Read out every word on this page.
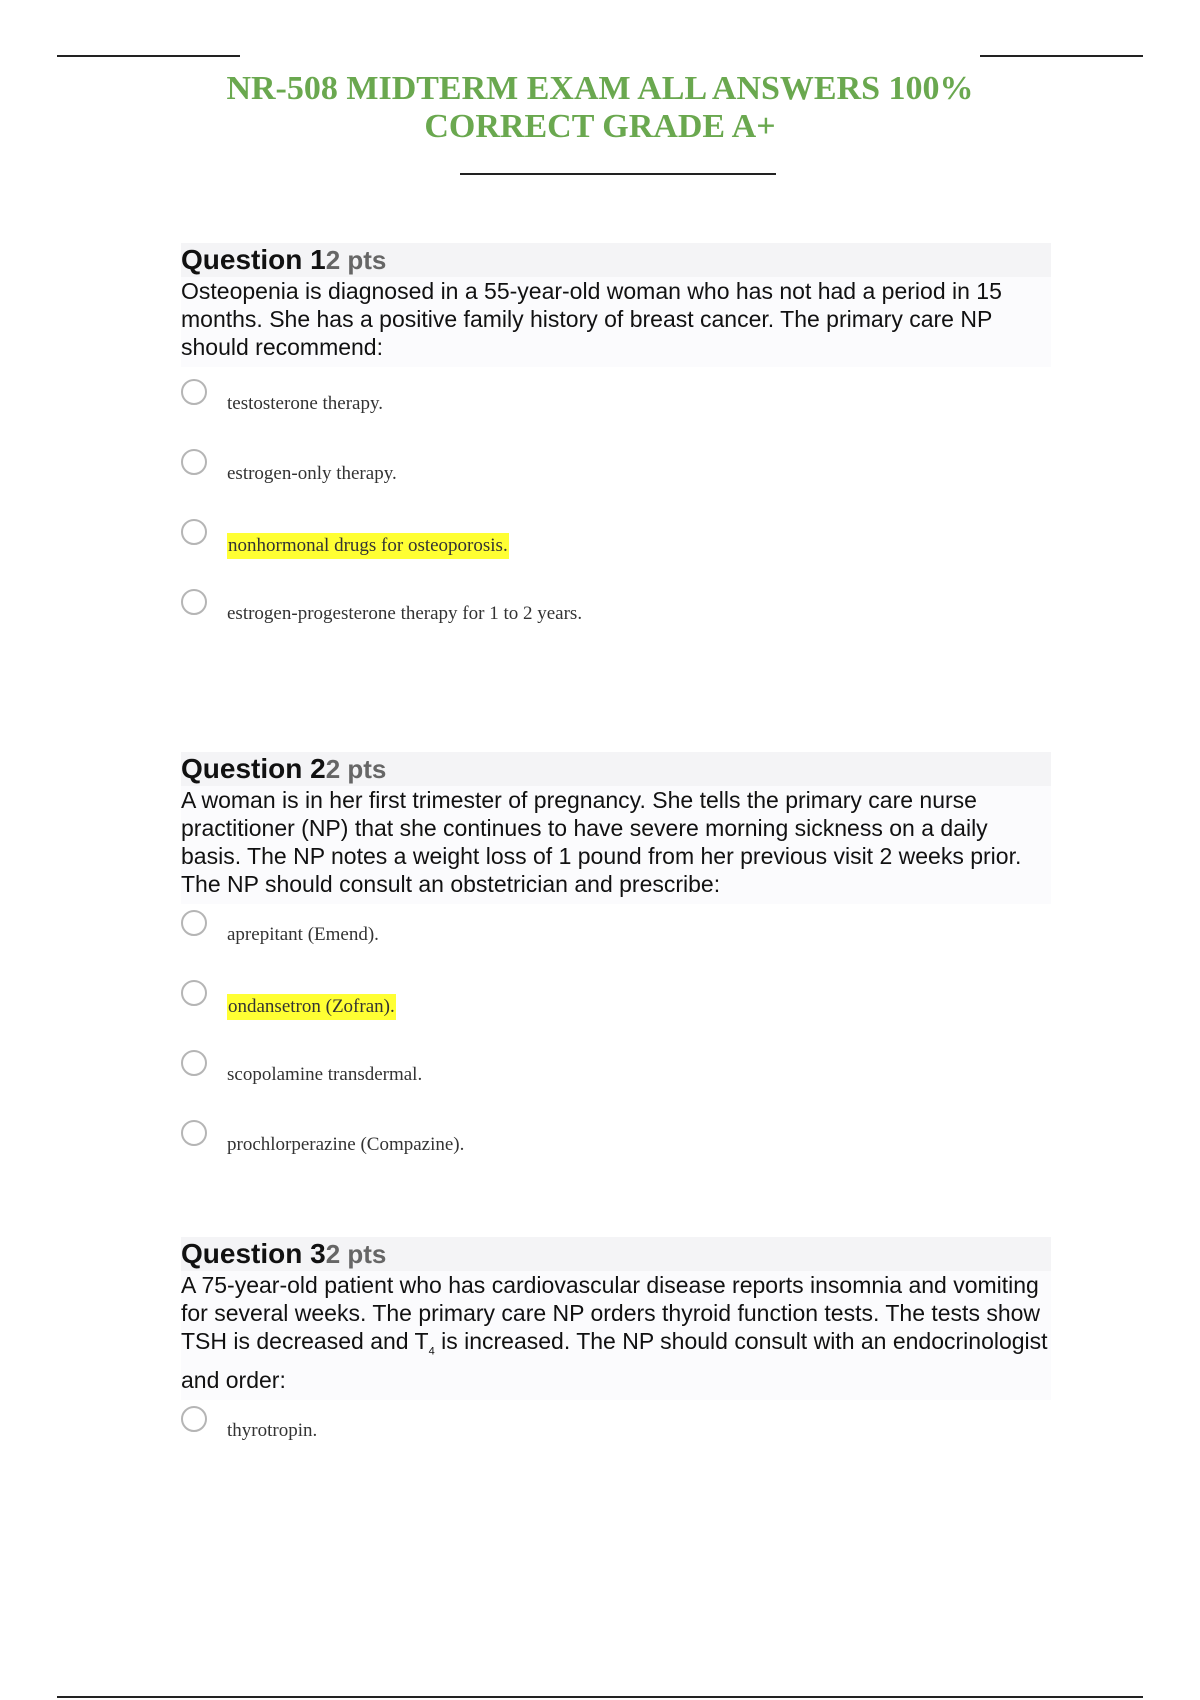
NR-508 MIDTERM EXAM ALL ANSWERS 100%
CORRECT GRADE A+
Question 12 pts
Osteopenia is diagnosed in a 55-year-old woman who has not had a period in 15 months. She has a positive family history of breast cancer. The primary care NP should recommend:
testosterone therapy.
estrogen-only therapy.
nonhormonal drugs for osteoporosis.
estrogen-progesterone therapy for 1 to 2 years.
Question 22 pts
A woman is in her first trimester of pregnancy. She tells the primary care nurse practitioner (NP) that she continues to have severe morning sickness on a daily basis. The NP notes a weight loss of 1 pound from her previous visit 2 weeks prior. The NP should consult an obstetrician and prescribe:
aprepitant (Emend).
ondansetron (Zofran).
scopolamine transdermal.
prochlorperazine (Compazine).
Question 32 pts
A 75-year-old patient who has cardiovascular disease reports insomnia and vomiting for several weeks. The primary care NP orders thyroid function tests. The tests show TSH is decreased and $T_4$ is increased. The NP should consult with an endocrinologist and order:
thyrotropin.
